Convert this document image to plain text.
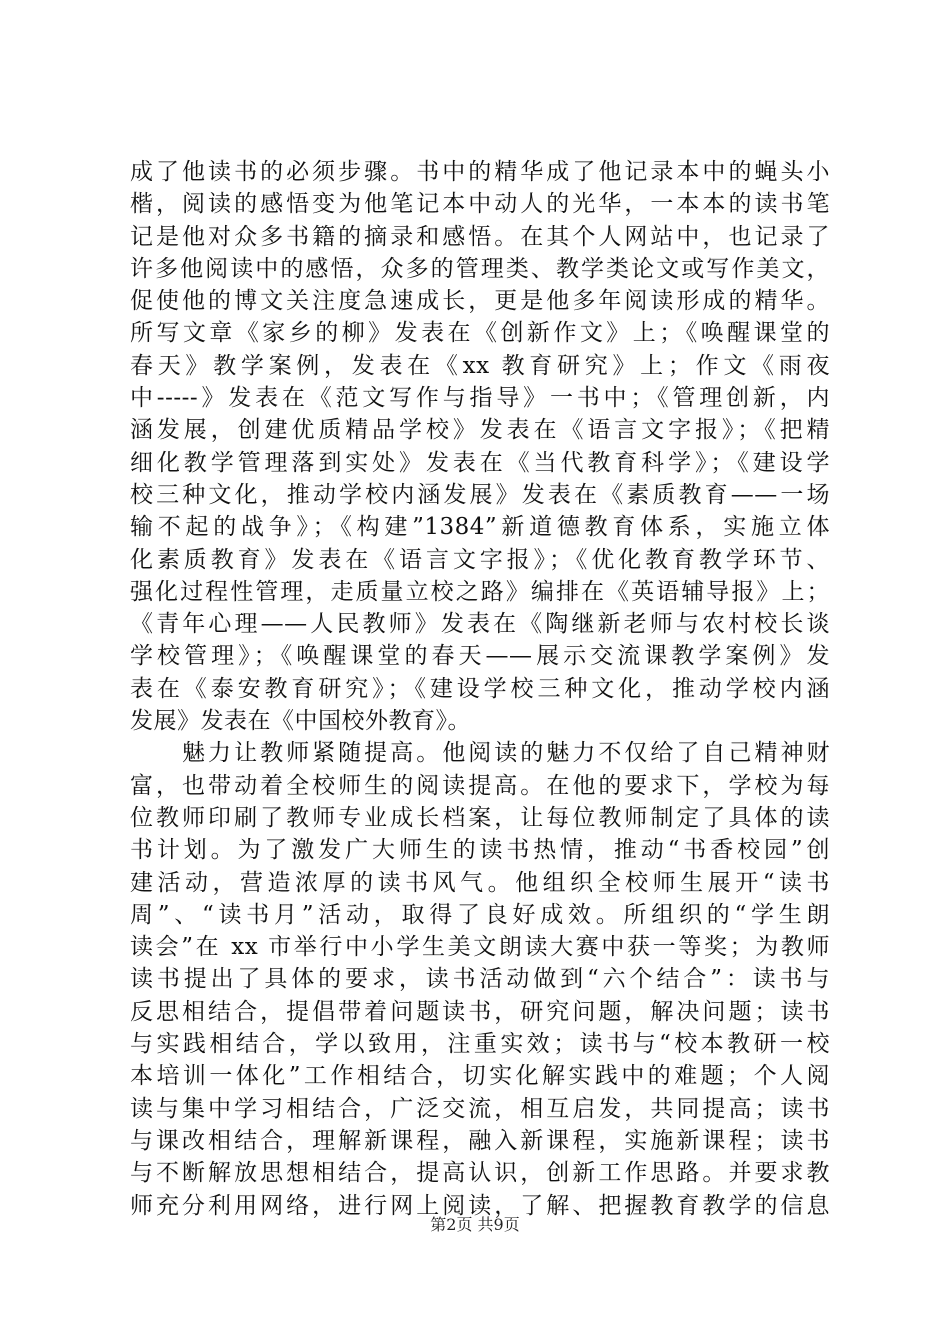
成了他读书的必须步骤。书中的精华成了他记录本中的蝇头小
楷，阅读的感悟变为他笔记本中动人的光华，一本本的读书笔
记是他对众多书籍的摘录和感悟。在其个人网站中，也记录了
许多他阅读中的感悟，众多的管理类、教学类论文或写作美文，
促使他的博文关注度急速成长，更是他多年阅读形成的精华。
所写文章《家乡的柳》发表在《创新作文》上；《唤醒课堂的
春天》教学案例，发表在《xx 教育研究》上；作文《雨夜
中-----》发表在《范文写作与指导》一书中；《管理创新，内
涵发展，创建优质精品学校》发表在《语言文字报》；《把精
细化教学管理落到实处》发表在《当代教育科学》；《建设学
校三种文化，推动学校内涵发展》发表在《素质教育——一场
输不起的战争》；《构建”1384”新道德教育体系，实施立体
化素质教育》发表在《语言文字报》；《优化教育教学环节、
强化过程性管理，走质量立校之路》编排在《英语辅导报》上；
《青年心理——人民教师》发表在《陶继新老师与农村校长谈
学校管理》；《唤醒课堂的春天——展示交流课教学案例》发
表在《泰安教育研究》；《建设学校三种文化，推动学校内涵
发展》发表在《中国校外教育》。
　　魅力让教师紧随提高。他阅读的魅力不仅给了自己精神财
富，也带动着全校师生的阅读提高。在他的要求下，学校为每
位教师印刷了教师专业成长档案，让每位教师制定了具体的读
书计划。为了激发广大师生的读书热情，推动“书香校园”创
建活动，营造浓厚的读书风气。他组织全校师生展开“读书
周”、“读书月”活动，取得了良好成效。所组织的“学生朗
读会”在 xx 市举行中小学生美文朗读大赛中获一等奖；为教师
读书提出了具体的要求，读书活动做到“六个结合”：读书与
反思相结合，提倡带着问题读书，研究问题，解决问题；读书
与实践相结合，学以致用，注重实效；读书与“校本教研一校
本培训一体化”工作相结合，切实化解实践中的难题；个人阅
读与集中学习相结合，广泛交流，相互启发，共同提高；读书
与课改相结合，理解新课程，融入新课程，实施新课程；读书
与不断解放思想相结合，提高认识，创新工作思路。并要求教
师充分利用网络，进行网上阅读，了解、把握教育教学的信息
第2页 共9页
